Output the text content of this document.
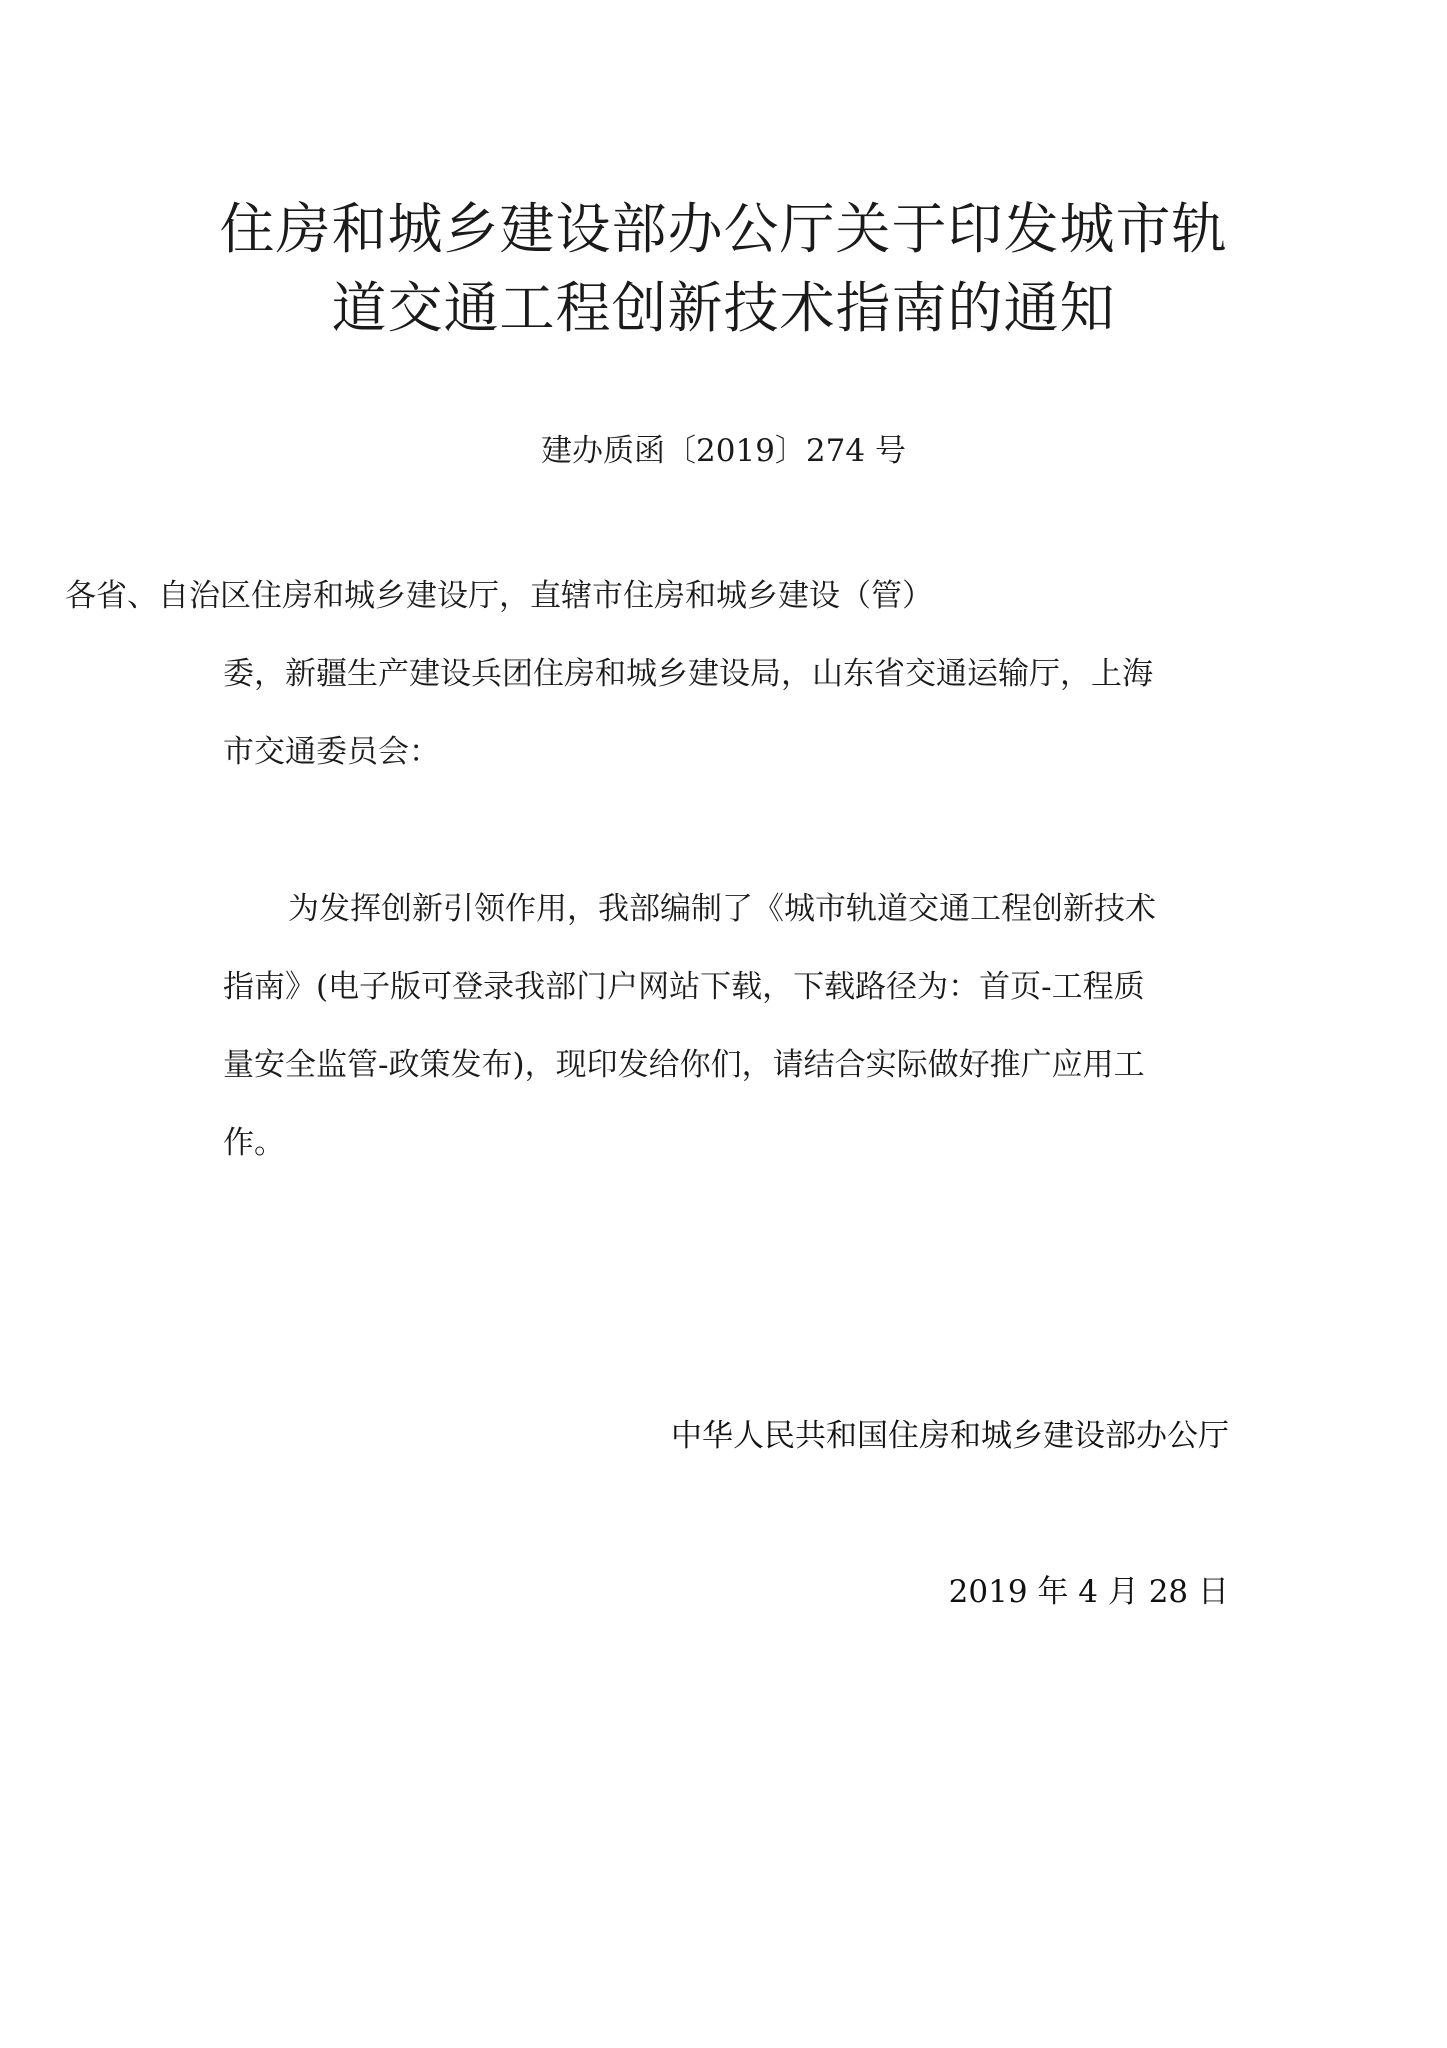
住房和城乡建设部办公厅关于印发城市轨
道交通工程创新技术指南的通知
建办质函〔2019〕274 号
各省、自治区住房和城乡建设厅，直辖市住房和城乡建设（管）
委，新疆生产建设兵团住房和城乡建设局，山东省交通运输厅，上海
市交通委员会：
为发挥创新引领作用，我部编制了《城市轨道交通工程创新技术
指南》(电子版可登录我部门户网站下载，下载路径为：首页-工程质
量安全监管-政策发布)，现印发给你们，请结合实际做好推广应用工
作。
中华人民共和国住房和城乡建设部办公厅
2019 年 4 月 28 日
